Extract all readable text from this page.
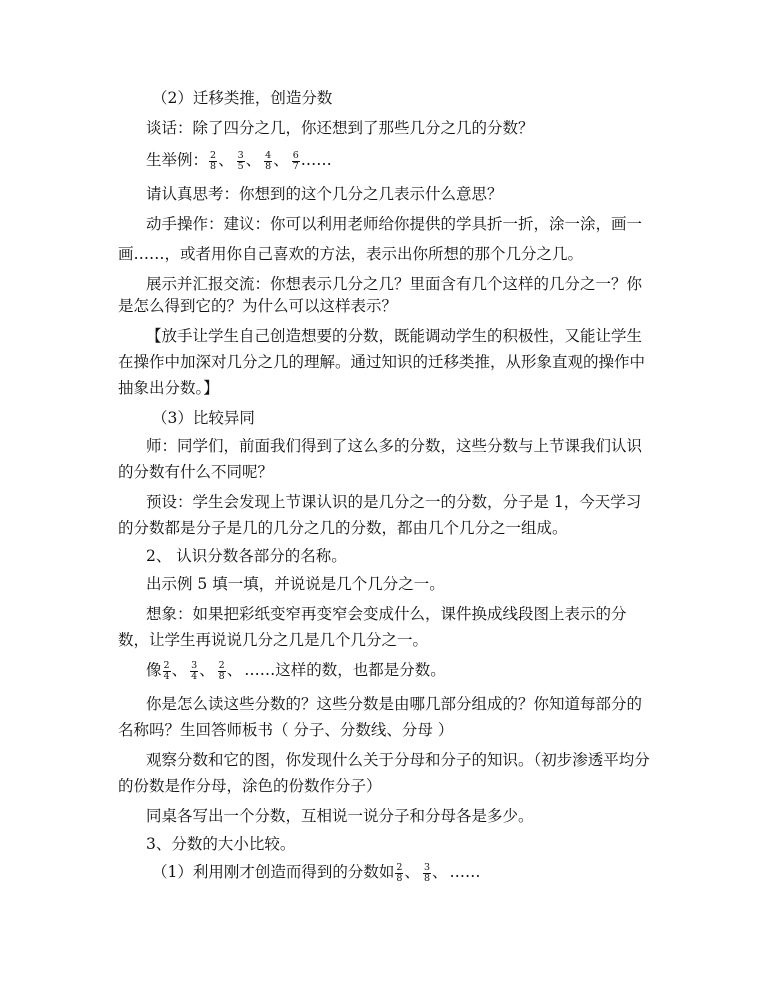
（2）迁移类推，创造分数
谈话：除了四分之几，你还想到了那些几分之几的分数？
生举例： $\frac{2}{8}$ 、 $\frac{3}{5}$ 、 $\frac{4}{8}$ 、 $\frac{6}{7}$ ……
请认真思考：你想到的这个几分之几表示什么意思？
动手操作：建议：你可以利用老师给你提供的学具折一折，涂一涂，画一
画……，或者用你自己喜欢的方法，表示出你所想的那个几分之几。
展示并汇报交流：你想表示几分之几？里面含有几个这样的几分之一？你
是怎么得到它的？为什么可以这样表示？
【放手让学生自己创造想要的分数，既能调动学生的积极性，又能让学生
在操作中加深对几分之几的理解。通过知识的迁移类推，从形象直观的操作中
抽象出分数。】
（3）比较异同
师：同学们，前面我们得到了这么多的分数，这些分数与上节课我们认识
的分数有什么不同呢？
预设：学生会发现上节课认识的是几分之一的分数，分子是 1，今天学习
的分数都是分子是几的几分之几的分数，都由几个几分之一组成。
2、 认识分数各部分的名称。
出示例 5 填一填，并说说是几个几分之一。
想象：如果把彩纸变窄再变窄会变成什么，课件换成线段图上表示的分
数，让学生再说说几分之几是几个几分之一。
像 $\frac{2}{4}$ 、 $\frac{3}{4}$ 、 $\frac{2}{8}$ 、 ……这样的数，也都是分数。
你是怎么读这些分数的？这些分数是由哪几部分组成的？你知道每部分的
名称吗？生回答师板书（ 分子、分数线、分母 ）
观察分数和它的图，你发现什么关于分母和分子的知识。（初步渗透平均分
的份数是作分母，涂色的份数作分子）
同桌各写出一个分数，互相说一说分子和分母各是多少。
3、分数的大小比较。
（1）利用刚才创造而得到的分数如 $\frac{2}{8}$ 、 $\frac{3}{8}$ 、 ……
